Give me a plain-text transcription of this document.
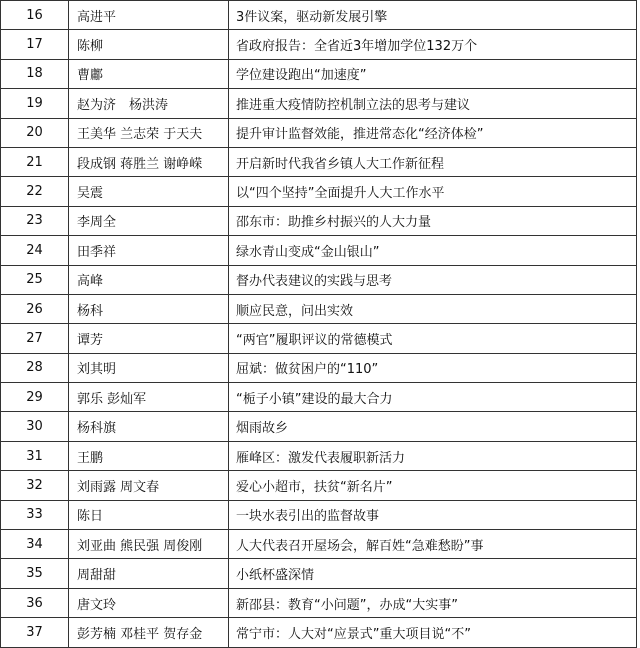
16	高进平	3件议案，驱动新发展引擎
17	陈柳	省政府报告：全省近3年增加学位132万个
18	曹鄘	学位建设跑出“加速度”
19	赵为济　杨洪涛	推进重大疫情防控机制立法的思考与建议
20	王美华 兰志荣 于天夫	提升审计监督效能，推进常态化“经济体检”
21	段成钢 蒋胜兰 谢峥嵘	开启新时代我省乡镇人大工作新征程
22	吴震	以“四个坚持”全面提升人大工作水平
23	李周全	邵东市：助推乡村振兴的人大力量
24	田季祥	绿水青山变成“金山银山”
25	高峰	督办代表建议的实践与思考
26	杨科	顺应民意，问出实效
27	谭芳	“两官”履职评议的常德模式
28	刘其明	屈斌：做贫困户的“110”
29	郭乐 彭灿军	“栀子小镇”建设的最大合力
30	杨科旗	烟雨故乡
31	王鹏	雁峰区：激发代表履职新活力
32	刘雨露 周文春	爱心小超市，扶贫“新名片”
33	陈日	一块水表引出的监督故事
34	刘亚曲 熊民强 周俊刚	人大代表召开屋场会，解百姓“急难愁盼”事
35	周甜甜	小纸杯盛深情
36	唐文玲	新邵县：教育“小问题”，办成“大实事”
37	彭芳楠 邓桂平 贺存金	常宁市：人大对“应景式”重大项目说“不”
